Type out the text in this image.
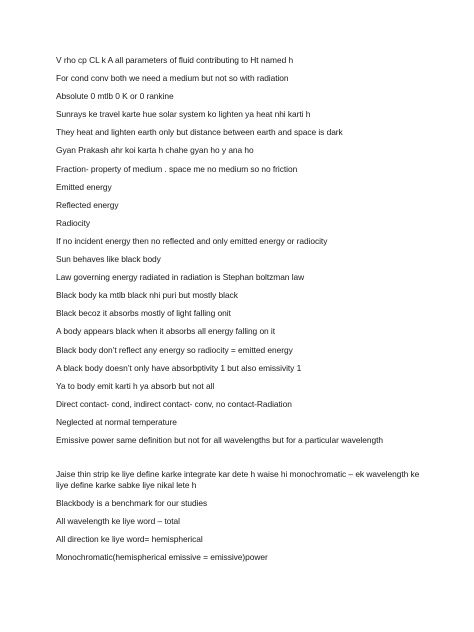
V rho cp CL k A all parameters of fluid contributing to Ht named h
For cond conv both we need a medium but not so with radiation
Absolute 0 mtlb 0 K or 0 rankine
Sunrays ke travel karte hue solar system ko lighten ya heat nhi karti h
They heat and lighten earth only but distance between earth and space is dark
Gyan Prakash ahr koi karta h chahe gyan ho y ana ho
Fraction- property of medium . space me no medium so no friction
Emitted energy
Reflected energy
Radiocity
If no incident energy then no reflected and only emitted energy or radiocity
Sun behaves like black body
Law governing energy radiated in radiation is Stephan boltzman law
Black body ka mtlb black nhi puri but mostly black
Black becoz it absorbs mostly of light falling onit
A body appears black when it absorbs all energy falling on it
Black body don’t reflect any energy so radiocity = emitted energy
A black body doesn’t only have absorbptivity 1 but also emissivity 1
Ya to body emit karti h ya absorb but not all
Direct contact- cond, indirect contact- conv, no contact-Radiation
Neglected at normal temperature
Emissive power same definition but not for all wavelengths but for a particular wavelength
Jaise thin strip ke liye define karke integrate kar dete h waise hi monochromatic – ek wavelength ke liye define karke sabke liye nikal lete h
Blackbody is a benchmark for our studies
All wavelength ke liye word – total
All direction ke liye word= hemispherical
Monochromatic(hemispherical emissive = emissive)power
